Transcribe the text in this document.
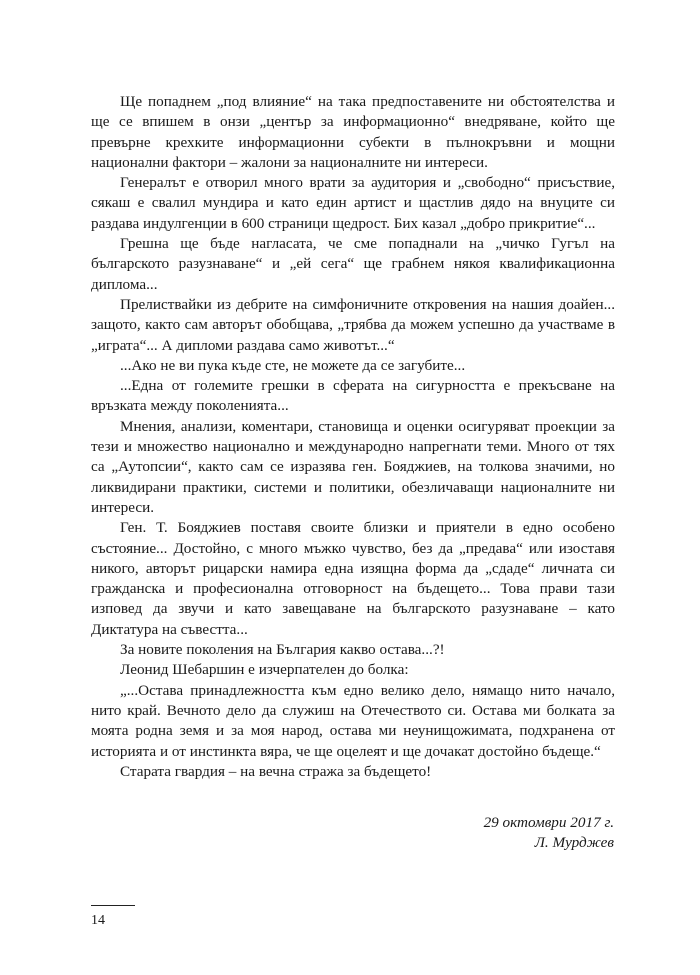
Ще попаднем „под влияние“ на така предпоставените ни обстоятелства и ще се впишем в онзи „център за информационно“ внедряване, който ще превърне крехките информационни субекти в пълнокръвни и мощни национални фактори – жалони за националните ни интереси.

Генералът е отворил много врати за аудитория и „свободно“ присъствие, сякаш е свалил мундира и като един артист и щастлив дядо на внуците си раздава индулгенции в 600 страници щедрост. Бих казал „добро прикритие“...

Грешна ще бъде нагласата, че сме попаднали на „чичко Гугъл на българското разузнаване“ и „ей сега“ ще грабнем някоя квалификационна диплома...

Прелиствайки из дебрите на симфоничните откровения на нашия доайен... защото, както сам авторът обобщава, „трябва да можем успешно да участваме в „играта“... А дипломи раздава само животът...“

...Ако не ви пука къде сте, не можете да се загубите...

...Една от големите грешки в сферата на сигурността е прекъсване на връзката между поколенията...

Мнения, анализи, коментари, становища и оценки осигуряват проекции за тези и множество национално и международно напрегнати теми. Много от тях са „Аутопсии“, както сам се изразява ген. Бояджиев, на толкова значими, но ликвидирани практики, системи и политики, обезличаващи националните ни интереси.

Ген. Т. Бояджиев поставя своите близки и приятели в едно особено състояние... Достойно, с много мъжко чувство, без да „предава“ или изоставя никого, авторът рицарски намира една изящна форма да „сдаде“ личната си гражданска и професионална отговорност на бъдещето... Това прави тази изповед да звучи и като завещаване на българското разузнаване – като Диктатура на съвестта...

За новите поколения на България какво остава...?!

Леонид Шебаршин е изчерпателен до болка:

„...Остава принадлежността към едно велико дело, нямащо нито начало, нито край. Вечното дело да служиш на Отечеството си. Остава ми болката за моята родна земя и за моя народ, остава ми неунищожимата, подхранена от историята и от инстинкта вяра, че ще оцелеят и ще дочакат достойно бъдеще.“

Старата гвардия – на вечна стража за бъдещето!

29 октомври 2017 г.
Л. Мурджев
14
